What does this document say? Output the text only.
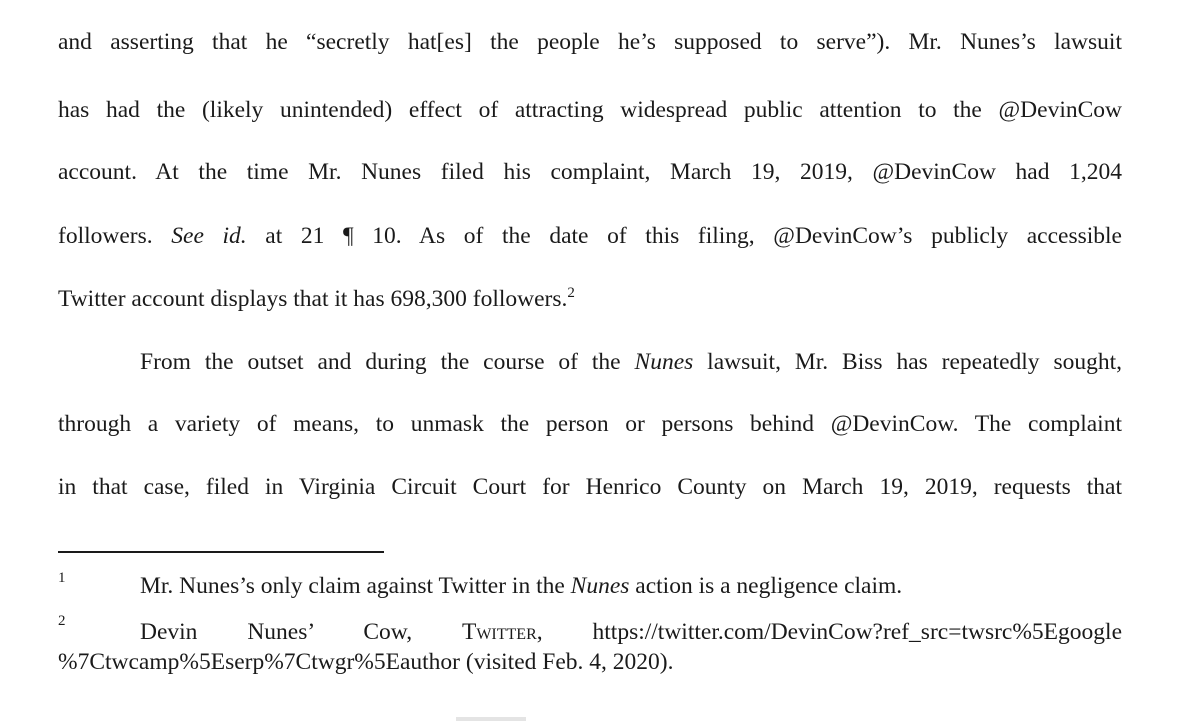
and asserting that he “secretly hat[es] the people he’s supposed to serve”). Mr. Nunes’s lawsuit
has had the (likely unintended) effect of attracting widespread public attention to the @DevinCow
account. At the time Mr. Nunes filed his complaint, March 19, 2019, @DevinCow had 1,204
followers. See id. at 21 ¶ 10. As of the date of this filing, @DevinCow’s publicly accessible
Twitter account displays that it has 698,300 followers.$^2$
From the outset and during the course of the Nunes lawsuit, Mr. Biss has repeatedly sought,
through a variety of means, to unmask the person or persons behind @DevinCow. The complaint
in that case, filed in Virginia Circuit Court for Henrico County on March 19, 2019, requests that
1	Mr. Nunes’s only claim against Twitter in the Nunes action is a negligence claim.
2	Devin Nunes’ Cow, Twitter, https://twitter.com/DevinCow?ref_src=twsrc%5Egoogle
%7Ctwcamp%5Eserp%7Ctwgr%5Eauthor (visited Feb. 4, 2020).
